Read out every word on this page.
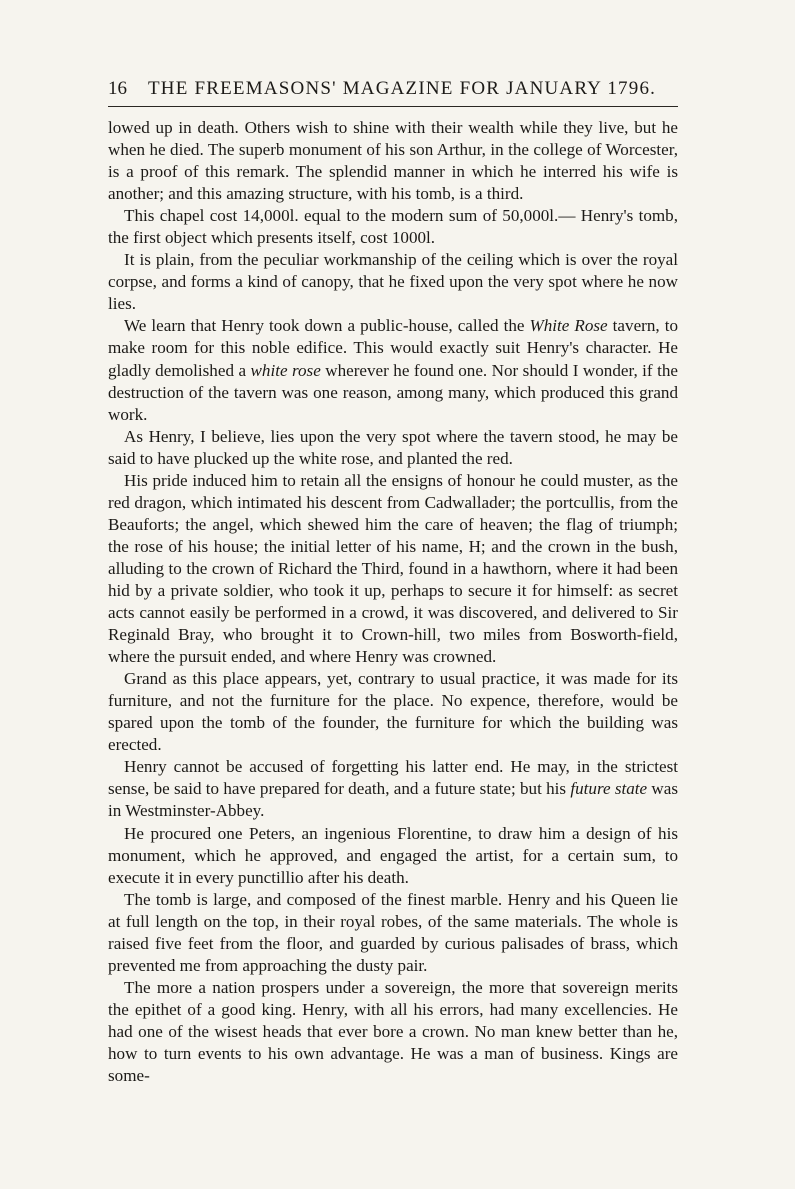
16	THE FREEMASONS' MAGAZINE FOR JANUARY 1796.

lowed up in death. Others wish to shine with their wealth while they live, but he when he died. The superb monument of his son Arthur, in the college of Worcester, is a proof of this remark. The splendid manner in which he interred his wife is another; and this amazing structure, with his tomb, is a third.

This chapel cost 14,000l. equal to the modern sum of 50,000l.— Henry's tomb, the first object which presents itself, cost 1000l.

It is plain, from the peculiar workmanship of the ceiling which is over the royal corpse, and forms a kind of canopy, that he fixed upon the very spot where he now lies.

We learn that Henry took down a public-house, called the White Rose tavern, to make room for this noble edifice. This would exactly suit Henry's character. He gladly demolished a white rose wherever he found one. Nor should I wonder, if the destruction of the tavern was one reason, among many, which produced this grand work.

As Henry, I believe, lies upon the very spot where the tavern stood, he may be said to have plucked up the white rose, and planted the red.

His pride induced him to retain all the ensigns of honour he could muster, as the red dragon, which intimated his descent from Cadwallader; the portcullis, from the Beauforts; the angel, which shewed him the care of heaven; the flag of triumph; the rose of his house; the initial letter of his name, H; and the crown in the bush, alluding to the crown of Richard the Third, found in a hawthorn, where it had been hid by a private soldier, who took it up, perhaps to secure it for himself: as secret acts cannot easily be performed in a crowd, it was discovered, and delivered to Sir Reginald Bray, who brought it to Crown-hill, two miles from Bosworth-field, where the pursuit ended, and where Henry was crowned.

Grand as this place appears, yet, contrary to usual practice, it was made for its furniture, and not the furniture for the place. No expence, therefore, would be spared upon the tomb of the founder, the furniture for which the building was erected.

Henry cannot be accused of forgetting his latter end. He may, in the strictest sense, be said to have prepared for death, and a future state; but his future state was in Westminster-Abbey.

He procured one Peters, an ingenious Florentine, to draw him a design of his monument, which he approved, and engaged the artist, for a certain sum, to execute it in every punctillio after his death.

The tomb is large, and composed of the finest marble. Henry and his Queen lie at full length on the top, in their royal robes, of the same materials. The whole is raised five feet from the floor, and guarded by curious palisades of brass, which prevented me from approaching the dusty pair.

The more a nation prospers under a sovereign, the more that sovereign merits the epithet of a good king. Henry, with all his errors, had many excellencies. He had one of the wisest heads that ever bore a crown. No man knew better than he, how to turn events to his own advantage. He was a man of business. Kings are some-
